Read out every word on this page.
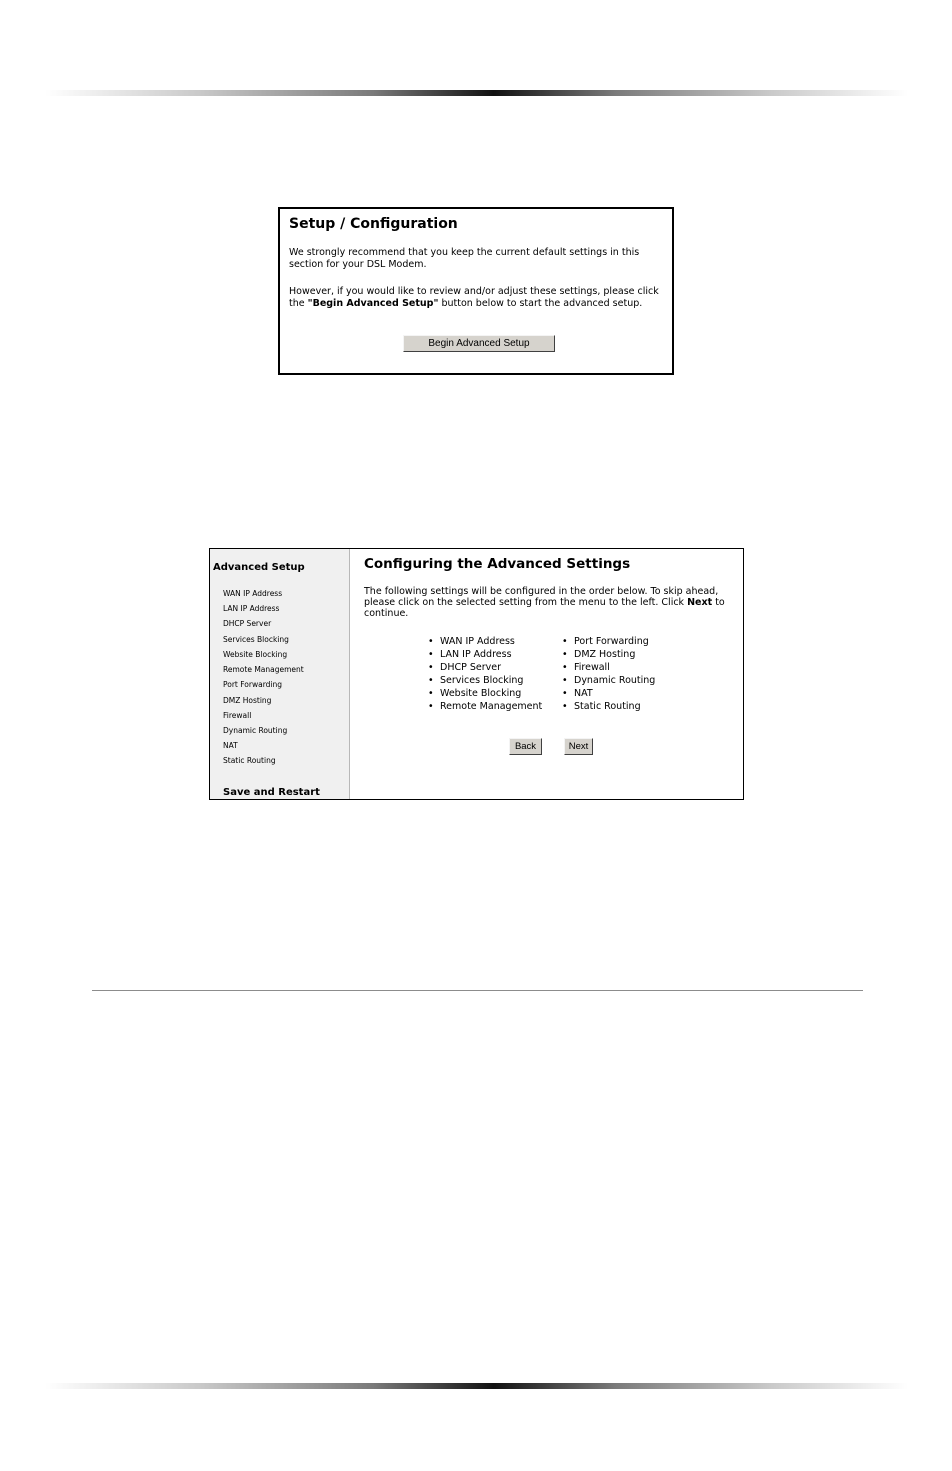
Setup / Configuration

We strongly recommend that you keep the current default settings in this section for your DSL Modem.

However, if you would like to review and/or adjust these settings, please click the "Begin Advanced Setup" button below to start the advanced setup.

Begin Advanced Setup
Advanced Setup
WAN IP Address
LAN IP Address
DHCP Server
Services Blocking
Website Blocking
Remote Management
Port Forwarding
DMZ Hosting
Firewall
Dynamic Routing
NAT
Static Routing
Save and Restart
Configuring the Advanced Settings
The following settings will be configured in the order below. To skip ahead, please click on the selected setting from the menu to the left. Click Next to continue.
• WAN IP Address
• LAN IP Address
• DHCP Server
• Services Blocking
• Website Blocking
• Remote Management
• Port Forwarding
• DMZ Hosting
• Firewall
• Dynamic Routing
• NAT
• Static Routing
Back	Next
